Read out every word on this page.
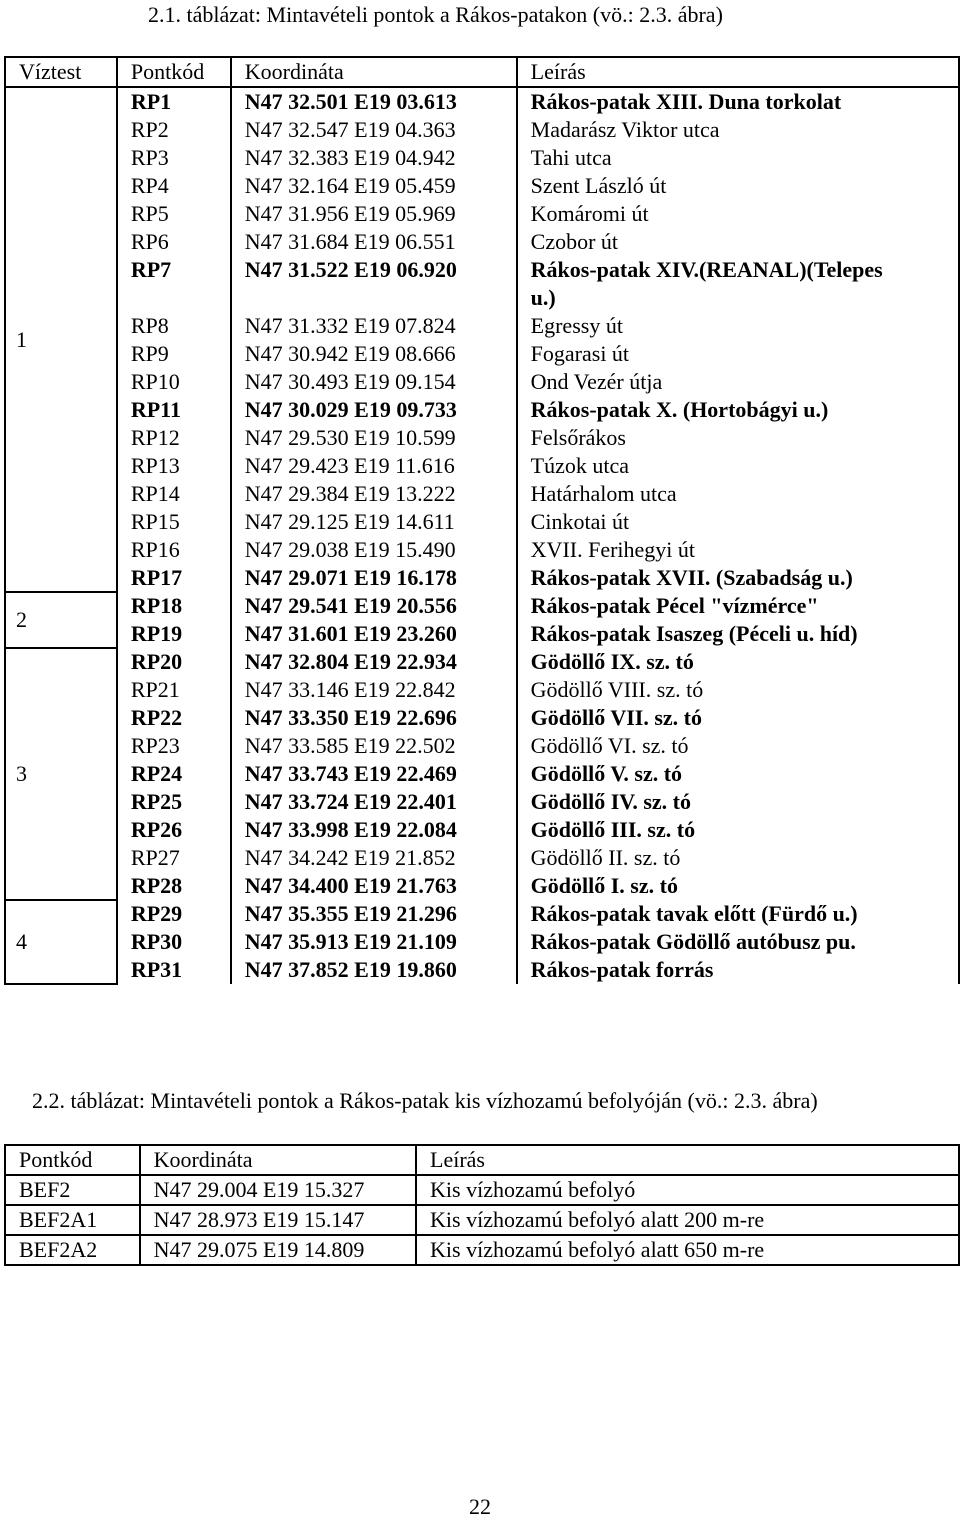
2.1. táblázat: Mintavételi pontok a Rákos-patakon (vö.: 2.3. ábra)
Víztest	Pontkód	Koordináta	Leírás
1	RP1	N47 32.501 E19 03.613	Rákos-patak XIII. Duna torkolat
	RP2	N47 32.547 E19 04.363	Madarász Viktor utca
	RP3	N47 32.383 E19 04.942	Tahi utca
	RP4	N47 32.164 E19 05.459	Szent László út
	RP5	N47 31.956 E19 05.969	Komáromi út
	RP6	N47 31.684 E19 06.551	Czobor út
	RP7	N47 31.522 E19 06.920	Rákos-patak XIV.(REANAL)(Telepes
u.)
	RP8	N47 31.332 E19 07.824	Egressy út
	RP9	N47 30.942 E19 08.666	Fogarasi út
	RP10	N47 30.493 E19 09.154	Ond Vezér útja
	RP11	N47 30.029 E19 09.733	Rákos-patak X. (Hortobágyi u.)
	RP12	N47 29.530 E19 10.599	Felsőrákos
	RP13	N47 29.423 E19 11.616	Túzok utca
	RP14	N47 29.384 E19 13.222	Határhalom utca
	RP15	N47 29.125 E19 14.611	Cinkotai út
	RP16	N47 29.038 E19 15.490	XVII. Ferihegyi út
	RP17	N47 29.071 E19 16.178	Rákos-patak XVII. (Szabadság u.)
2	RP18	N47 29.541 E19 20.556	Rákos-patak Pécel "vízmérce"
	RP19	N47 31.601 E19 23.260	Rákos-patak Isaszeg (Péceli u. híd)
3	RP20	N47 32.804 E19 22.934	Gödöllő IX. sz. tó
	RP21	N47 33.146 E19 22.842	Gödöllő VIII. sz. tó
	RP22	N47 33.350 E19 22.696	Gödöllő VII. sz. tó
	RP23	N47 33.585 E19 22.502	Gödöllő VI. sz. tó
	RP24	N47 33.743 E19 22.469	Gödöllő V. sz. tó
	RP25	N47 33.724 E19 22.401	Gödöllő IV. sz. tó
	RP26	N47 33.998 E19 22.084	Gödöllő III. sz. tó
	RP27	N47 34.242 E19 21.852	Gödöllő II. sz. tó
	RP28	N47 34.400 E19 21.763	Gödöllő I. sz. tó
4	RP29	N47 35.355 E19 21.296	Rákos-patak tavak előtt (Fürdő u.)
	RP30	N47 35.913 E19 21.109	Rákos-patak Gödöllő autóbusz pu.
	RP31	N47 37.852 E19 19.860	Rákos-patak forrás
2.2. táblázat: Mintavételi pontok a Rákos-patak kis vízhozamú befolyóján (vö.: 2.3. ábra)
Pontkód	Koordináta	Leírás
BEF2	N47 29.004 E19 15.327	Kis vízhozamú befolyó
BEF2A1	N47 28.973 E19 15.147	Kis vízhozamú befolyó alatt 200 m-re
BEF2A2	N47 29.075 E19 14.809	Kis vízhozamú befolyó alatt 650 m-re
22
